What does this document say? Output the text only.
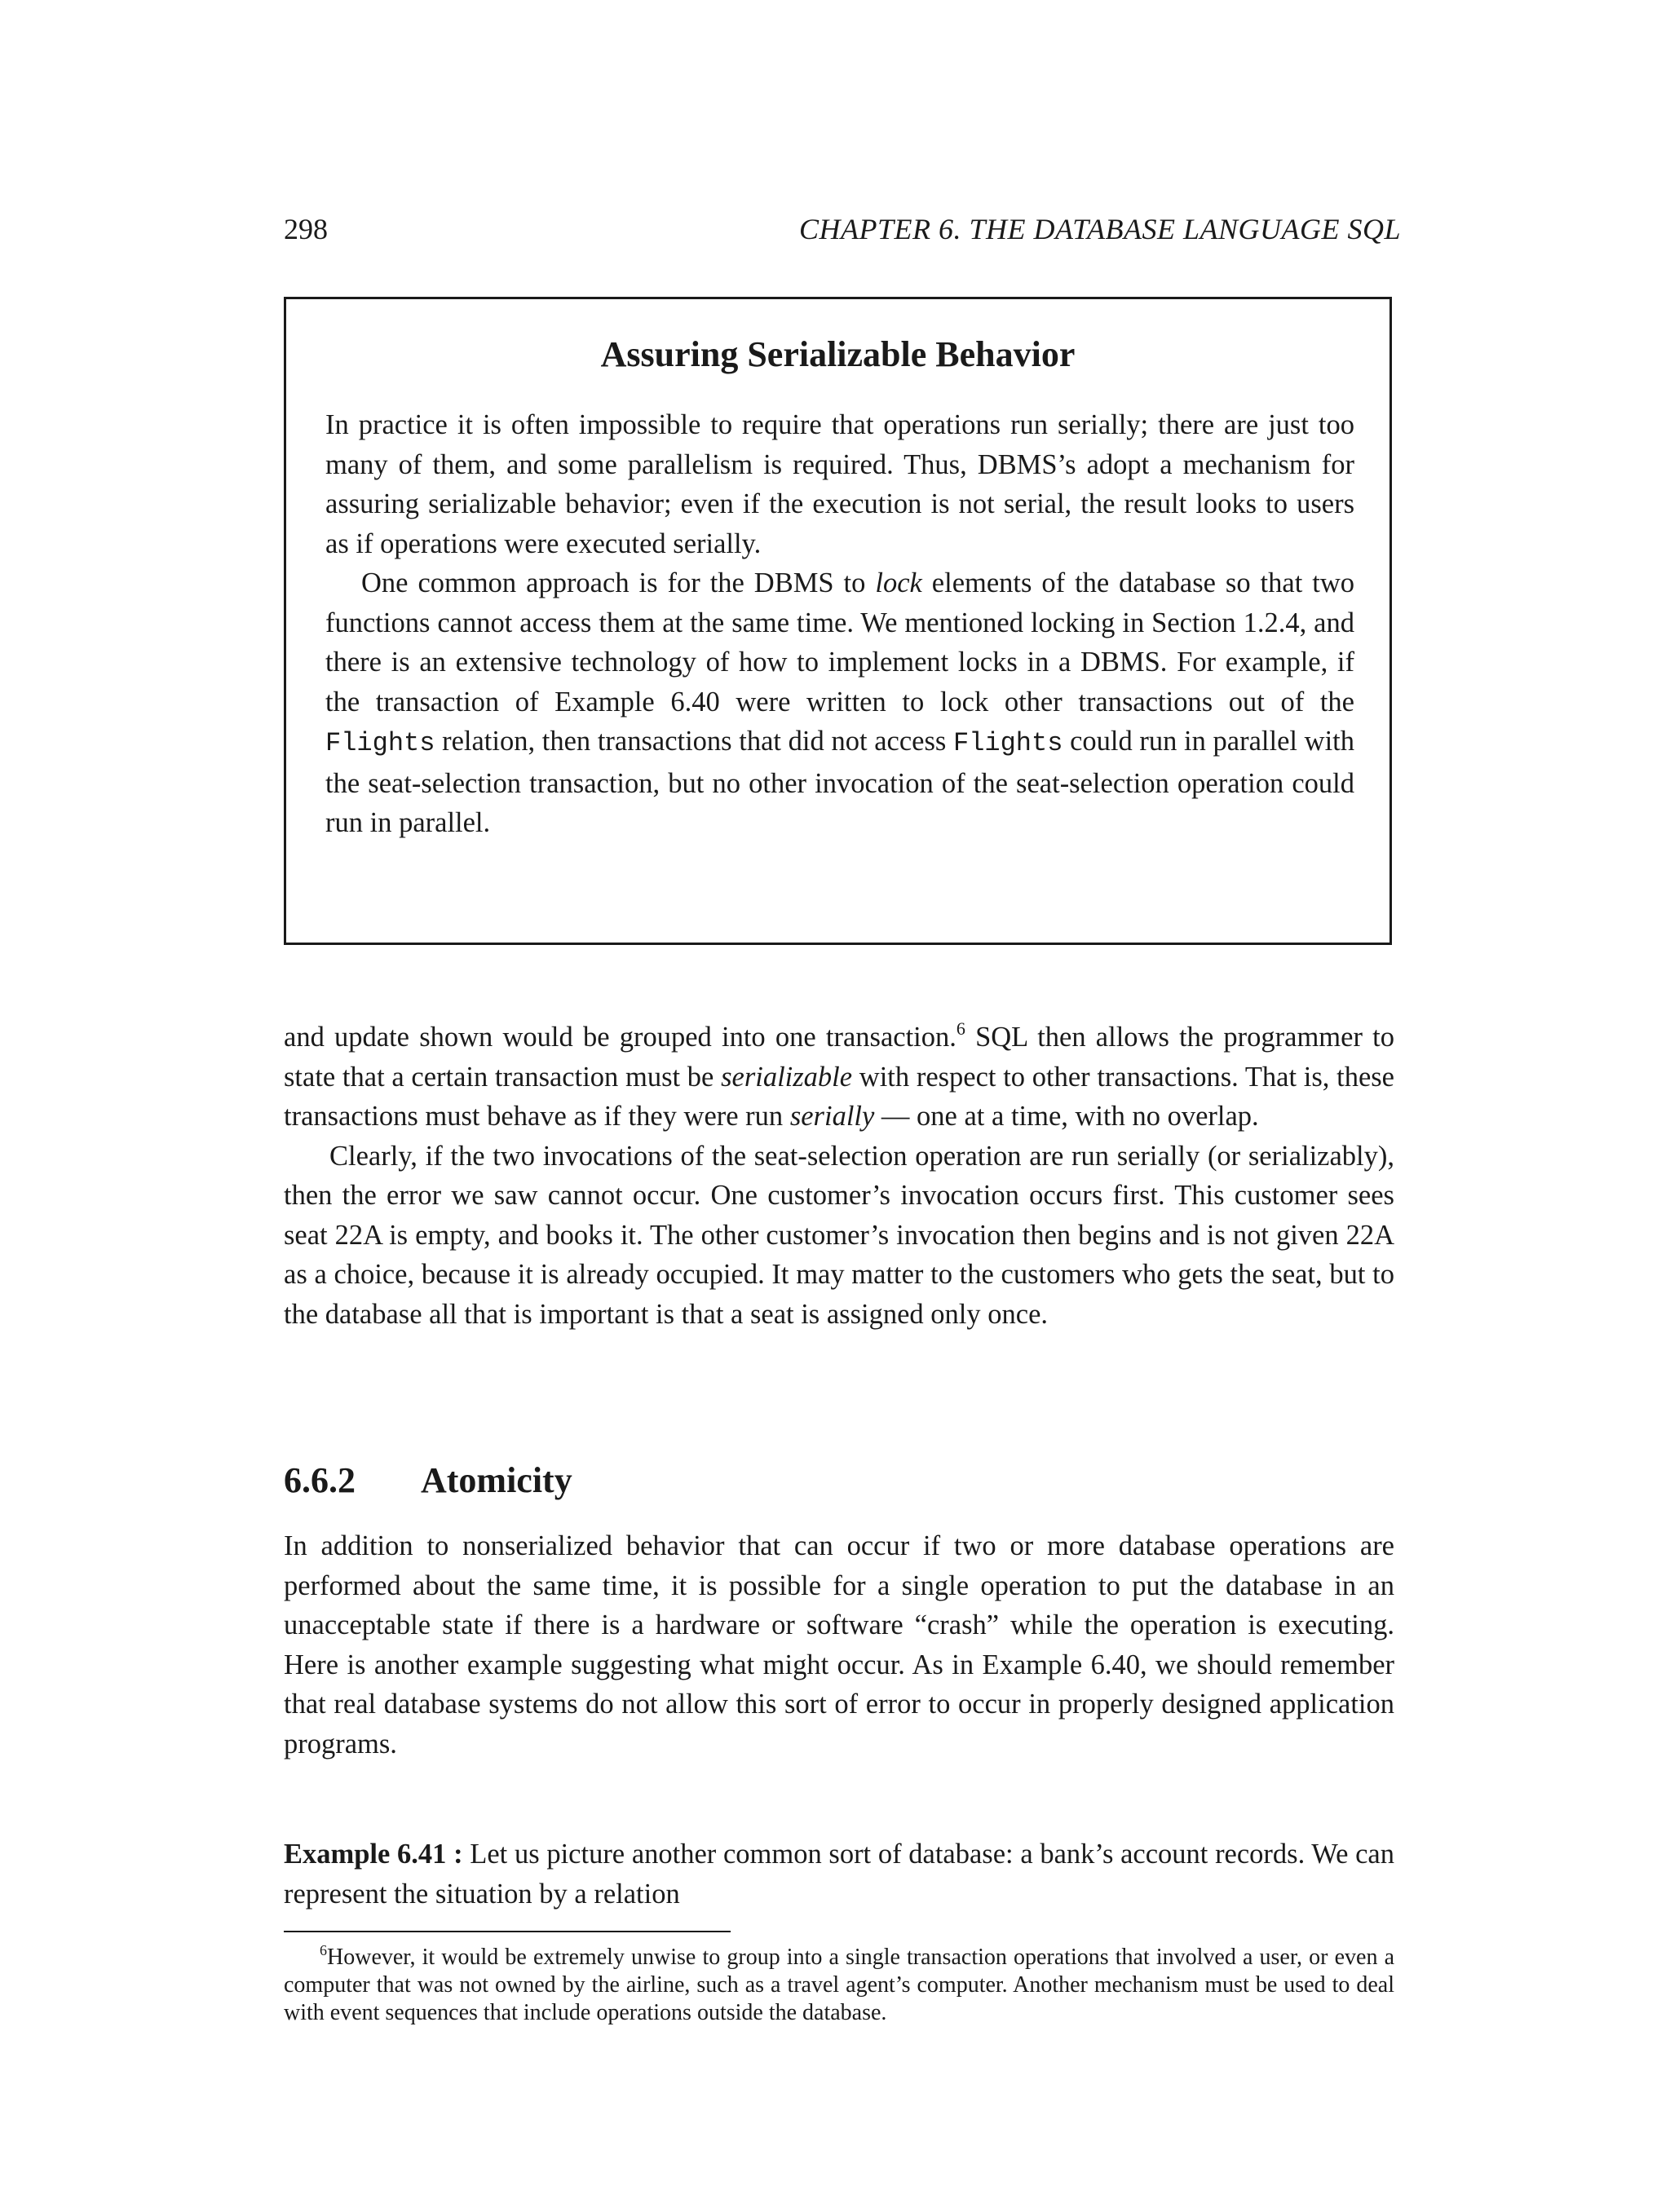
298	CHAPTER 6. THE DATABASE LANGUAGE SQL
Assuring Serializable Behavior

In practice it is often impossible to require that operations run serially; there are just too many of them, and some parallelism is required. Thus, DBMS’s adopt a mechanism for assuring serializable behavior; even if the execution is not serial, the result looks to users as if operations were executed serially.

One common approach is for the DBMS to lock elements of the database so that two functions cannot access them at the same time. We mentioned locking in Section 1.2.4, and there is an extensive technology of how to implement locks in a DBMS. For example, if the transaction of Example 6.40 were written to lock other transactions out of the Flights relation, then transactions that did not access Flights could run in parallel with the seat-selection transaction, but no other invocation of the seat-selection operation could run in parallel.

and update shown would be grouped into one transaction.$^6$ SQL then allows the programmer to state that a certain transaction must be serializable with respect to other transactions. That is, these transactions must behave as if they were run serially — one at a time, with no overlap.

Clearly, if the two invocations of the seat-selection operation are run serially (or serializably), then the error we saw cannot occur. One customer’s invocation occurs first. This customer sees seat 22A is empty, and books it. The other customer’s invocation then begins and is not given 22A as a choice, because it is already occupied. It may matter to the customers who gets the seat, but to the database all that is important is that a seat is assigned only once.

6.6.2 Atomicity

In addition to nonserialized behavior that can occur if two or more database operations are performed about the same time, it is possible for a single operation to put the database in an unacceptable state if there is a hardware or software “crash” while the operation is executing. Here is another example suggesting what might occur. As in Example 6.40, we should remember that real database systems do not allow this sort of error to occur in properly designed application programs.

Example 6.41 : Let us picture another common sort of database: a bank’s account records. We can represent the situation by a relation

$^6$However, it would be extremely unwise to group into a single transaction operations that involved a user, or even a computer that was not owned by the airline, such as a travel agent’s computer. Another mechanism must be used to deal with event sequences that include operations outside the database.
